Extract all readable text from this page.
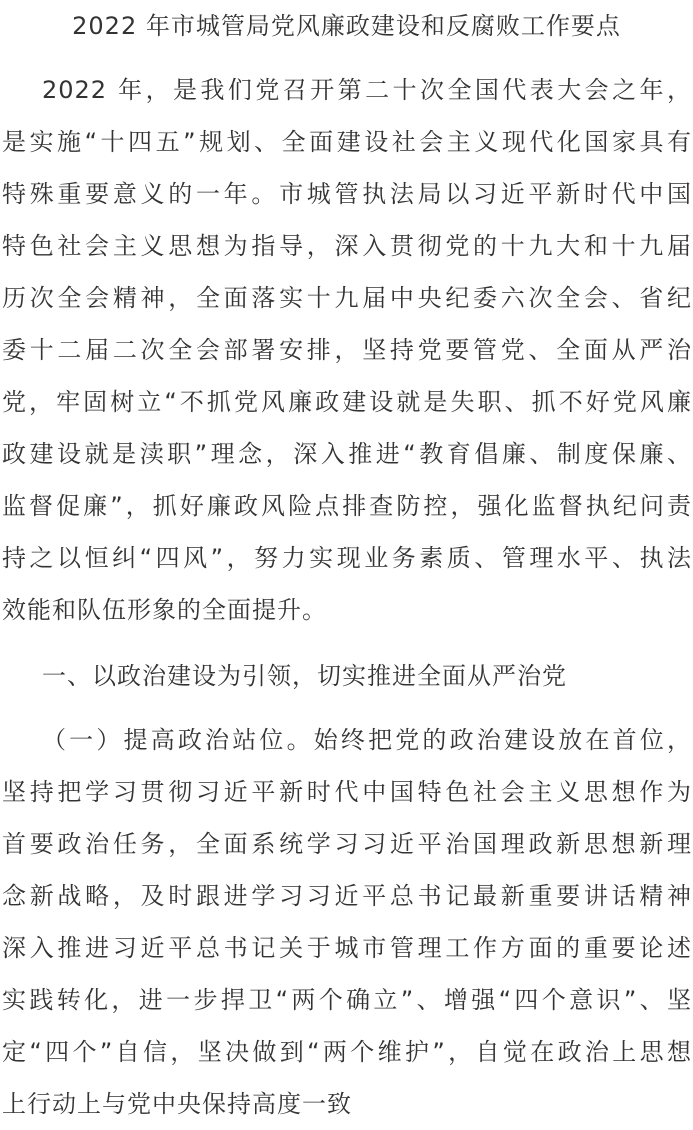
2022 年市城管局党风廉政建设和反腐败工作要点
2022 年，是我们党召开第二十次全国代表大会之年，
是实施“十四五”规划、全面建设社会主义现代化国家具有
特殊重要意义的一年。市城管执法局以习近平新时代中国
特色社会主义思想为指导，深入贯彻党的十九大和十九届
历次全会精神，全面落实十九届中央纪委六次全会、省纪
委十二届二次全会部署安排，坚持党要管党、全面从严治
党，牢固树立“不抓党风廉政建设就是失职、抓不好党风廉
政建设就是渎职”理念，深入推进“教育倡廉、制度保廉、
监督促廉”，抓好廉政风险点排查防控，强化监督执纪问责
持之以恒纠“四风”，努力实现业务素质、管理水平、执法
效能和队伍形象的全面提升。
一、以政治建设为引领，切实推进全面从严治党
（一）提高政治站位。始终把党的政治建设放在首位，
坚持把学习贯彻习近平新时代中国特色社会主义思想作为
首要政治任务，全面系统学习习近平治国理政新思想新理
念新战略，及时跟进学习习近平总书记最新重要讲话精神
深入推进习近平总书记关于城市管理工作方面的重要论述
实践转化，进一步捍卫“两个确立”、增强“四个意识”、坚
定“四个”自信，坚决做到“两个维护”，自觉在政治上思想
上行动上与党中央保持高度一致
